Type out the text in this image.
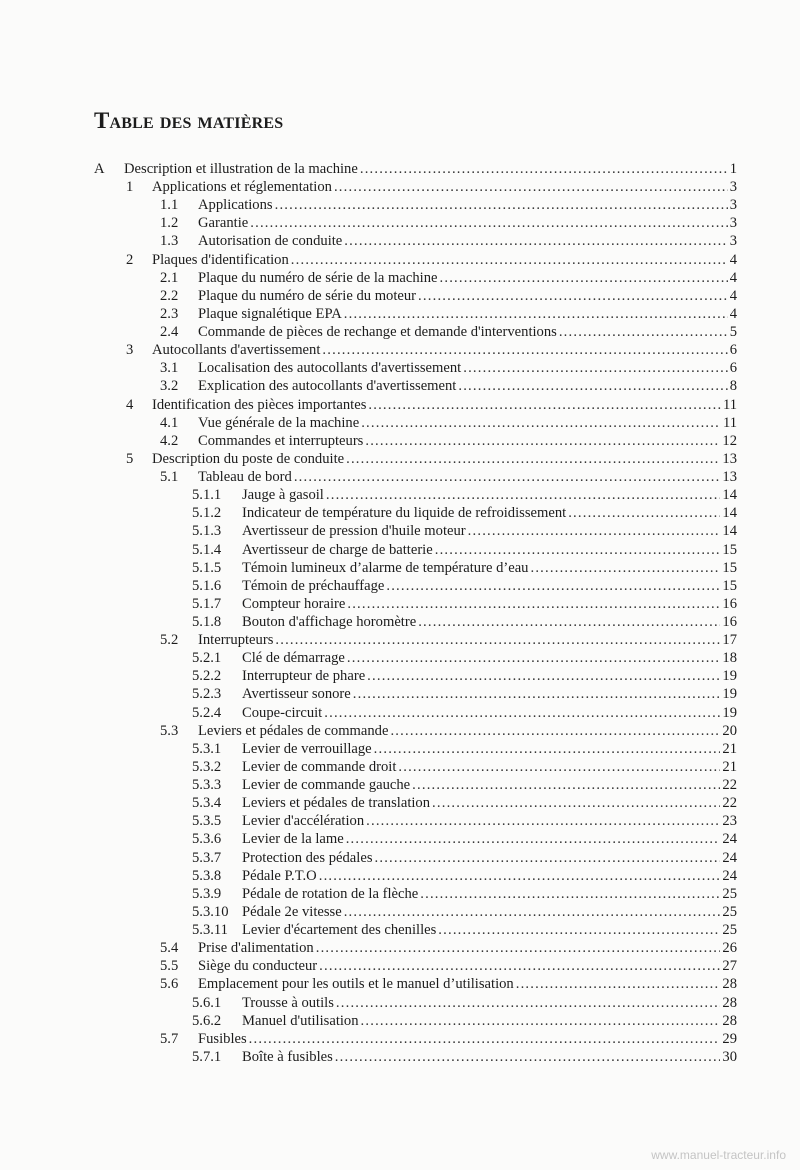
Table des matières
A	Description et illustration de la machine .....	1
1	Applications et réglementation .....	3
1.1	Applications .....	3
1.2	Garantie .....	3
1.3	Autorisation de conduite .....	3
2	Plaques d'identification .....	4
2.1	Plaque du numéro de série de la machine .....	4
2.2	Plaque du numéro de série du moteur .....	4
2.3	Plaque signalétique EPA .....	4
2.4	Commande de pièces de rechange et demande d'interventions .....	5
3	Autocollants d'avertissement .....	6
3.1	Localisation des autocollants d'avertissement .....	6
3.2	Explication des autocollants d'avertissement .....	8
4	Identification des pièces importantes .....	11
4.1	Vue générale de la machine .....	11
4.2	Commandes et interrupteurs .....	12
5	Description du poste de conduite .....	13
5.1	Tableau de bord .....	13
5.1.1	Jauge à gasoil .....	14
5.1.2	Indicateur de température du liquide de refroidissement .....	14
5.1.3	Avertisseur de pression d'huile moteur .....	14
5.1.4	Avertisseur de charge de batterie .....	15
5.1.5	Témoin lumineux d’alarme de température d’eau .....	15
5.1.6	Témoin de préchauffage .....	15
5.1.7	Compteur horaire .....	16
5.1.8	Bouton d'affichage horomètre .....	16
5.2	Interrupteurs .....	17
5.2.1	Clé de démarrage .....	18
5.2.2	Interrupteur de phare .....	19
5.2.3	Avertisseur sonore .....	19
5.2.4	Coupe-circuit .....	19
5.3	Leviers et pédales de commande .....	20
5.3.1	Levier de verrouillage .....	21
5.3.2	Levier de commande droit .....	21
5.3.3	Levier de commande gauche .....	22
5.3.4	Leviers et pédales de translation .....	22
5.3.5	Levier d'accélération .....	23
5.3.6	Levier de la lame .....	24
5.3.7	Protection des pédales .....	24
5.3.8	Pédale P.T.O .....	24
5.3.9	Pédale de rotation de la flèche .....	25
5.3.10 Pédale 2e vitesse .....	25
5.3.11 Levier d'écartement des chenilles .....	25
5.4	Prise d'alimentation .....	26
5.5	Siège du conducteur .....	27
5.6	Emplacement pour les outils et le manuel d’utilisation .....	28
5.6.1	Trousse à outils .....	28
5.6.2	Manuel d'utilisation .....	28
5.7	Fusibles .....	29
5.7.1	Boîte à fusibles .....	30
www.manuel-tracteur.info
